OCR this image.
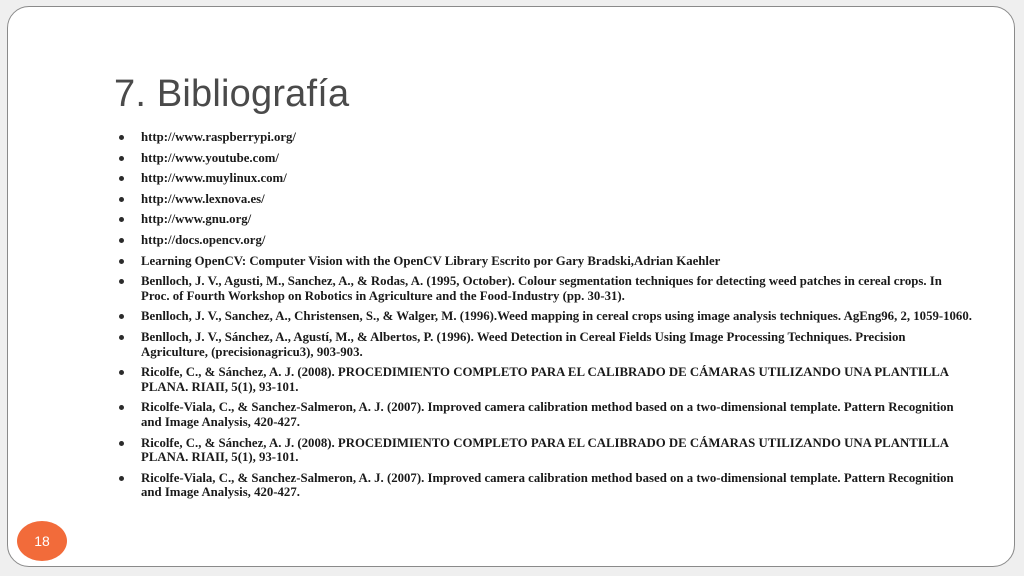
7. Bibliografía
http://www.raspberrypi.org/
http://www.youtube.com/
http://www.muylinux.com/
http://www.lexnova.es/
http://www.gnu.org/
http://docs.opencv.org/
Learning OpenCV: Computer Vision with the OpenCV Library Escrito por Gary Bradski,Adrian Kaehler
Benlloch, J. V., Agusti, M., Sanchez, A., & Rodas, A. (1995, October). Colour segmentation techniques for detecting weed patches in cereal crops. In Proc. of Fourth Workshop on Robotics in Agriculture and the Food-Industry (pp. 30-31).
Benlloch, J. V., Sanchez, A., Christensen, S., & Walger, M. (1996).Weed mapping in cereal crops using image analysis techniques. AgEng96, 2, 1059-1060.
Benlloch, J. V., Sánchez, A., Agustí, M., & Albertos, P. (1996). Weed Detection in Cereal Fields Using Image Processing Techniques. Precision Agriculture, (precisionagricu3), 903-903.
Ricolfe, C., & Sánchez, A. J. (2008). PROCEDIMIENTO COMPLETO PARA EL CALIBRADO DE CÁMARAS UTILIZANDO UNA PLANTILLA PLANA. RIAII, 5(1), 93-101.
Ricolfe-Viala, C., & Sanchez-Salmeron, A. J. (2007). Improved camera calibration method based on a two-dimensional template. Pattern Recognition and Image Analysis, 420-427.
Ricolfe, C., & Sánchez, A. J. (2008). PROCEDIMIENTO COMPLETO PARA EL CALIBRADO DE CÁMARAS UTILIZANDO UNA PLANTILLA PLANA. RIAII, 5(1), 93-101.
Ricolfe-Viala, C., & Sanchez-Salmeron, A. J. (2007). Improved camera calibration method based on a two-dimensional template. Pattern Recognition and Image Analysis, 420-427.
18
